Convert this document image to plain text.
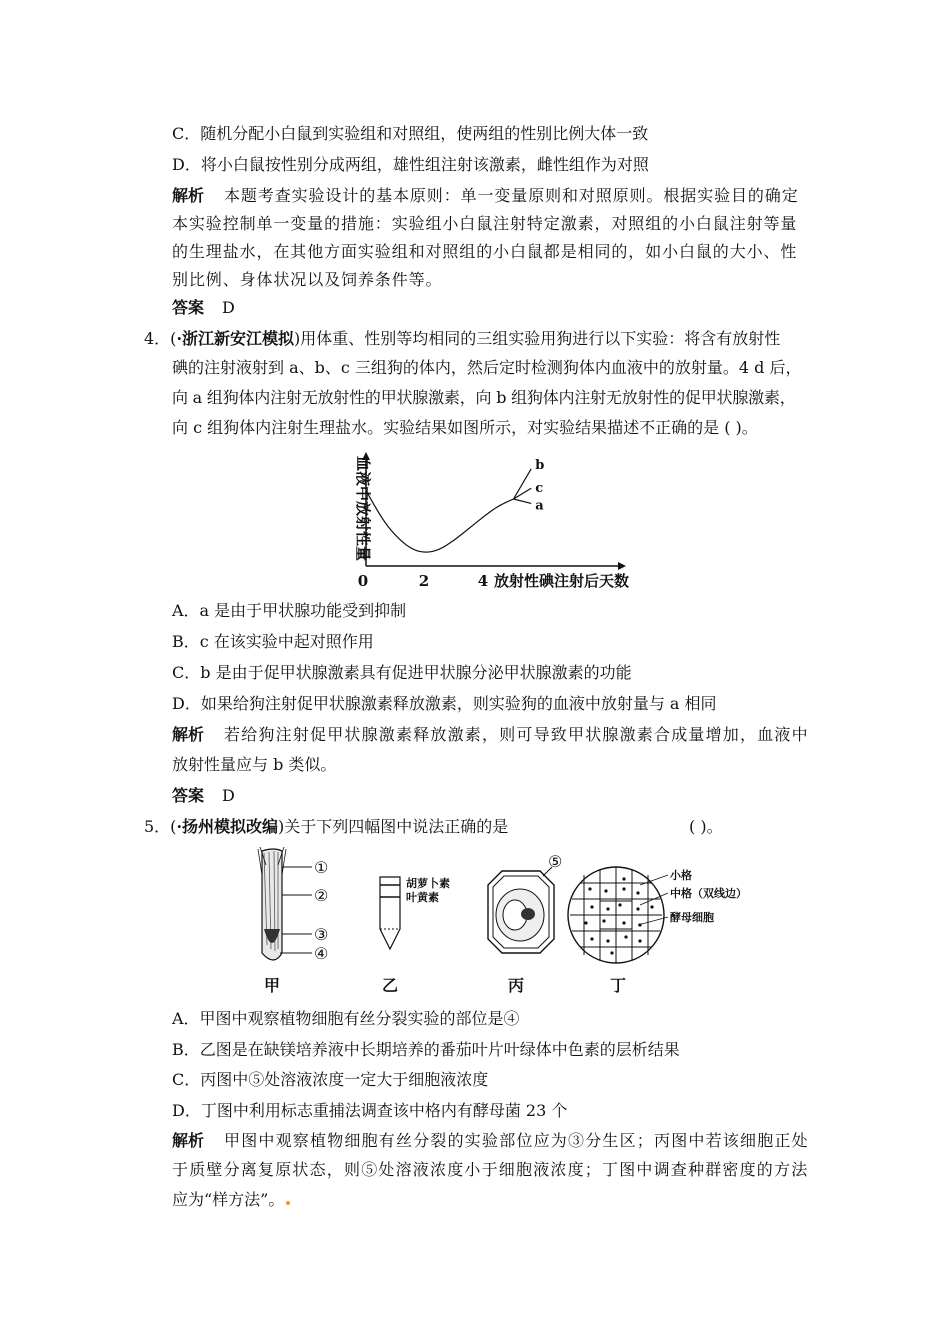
C．随机分配小白鼠到实验组和对照组，使两组的性别比例大体一致
D．将小白鼠按性别分成两组，雄性组注射该激素，雌性组作为对照
解析 本题考查实验设计的基本原则：单一变量原则和对照原则。根据实验目的确定
本实验控制单一变量的措施：实验组小白鼠注射特定激素，对照组的小白鼠注射等量
的生理盐水，在其他方面实验组和对照组的小白鼠都是相同的，如小白鼠的大小、性
别比例、身体状况以及饲养条件等。
答案 D
4．(·浙江新安江模拟)用体重、性别等均相同的三组实验用狗进行以下实验：将含有放射性
碘的注射液射到 a、b、c 三组狗的体内，然后定时检测狗体内血液中的放射量。4 d 后，
向 a 组狗体内注射无放射性的甲状腺激素，向 b 组狗体内注射无放射性的促甲状腺激素，
向 c 组狗体内注射生理盐水。实验结果如图所示，对实验结果描述不正确的是 ( )。
血液中放射性量
0	2	4 放射性碘注射后天数
b
c
a
A．a 是由于甲状腺功能受到抑制
B．c 在该实验中起对照作用
C．b 是由于促甲状腺激素具有促进甲状腺分泌甲状腺激素的功能
D．如果给狗注射促甲状腺激素释放激素，则实验狗的血液中放射量与 a 相同
解析 若给狗注射促甲状腺激素释放激素，则可导致甲状腺激素合成量增加，血液中
放射性量应与 b 类似。
答案 D
5．(·扬州模拟改编)关于下列四幅图中说法正确的是	( )。
①
②
③
④
甲
胡萝卜素
叶黄素
乙
⑤
丙
小格
中格（双线边）
酵母细胞
丁
A．甲图中观察植物细胞有丝分裂实验的部位是④
B．乙图是在缺镁培养液中长期培养的番茄叶片叶绿体中色素的层析结果
C．丙图中⑤处溶液浓度一定大于细胞液浓度
D．丁图中利用标志重捕法调查该中格内有酵母菌 23 个
解析 甲图中观察植物细胞有丝分裂的实验部位应为③分生区；丙图中若该细胞正处
于质壁分离复原状态，则⑤处溶液浓度小于细胞液浓度；丁图中调查种群密度的方法
应为“样方法”。
